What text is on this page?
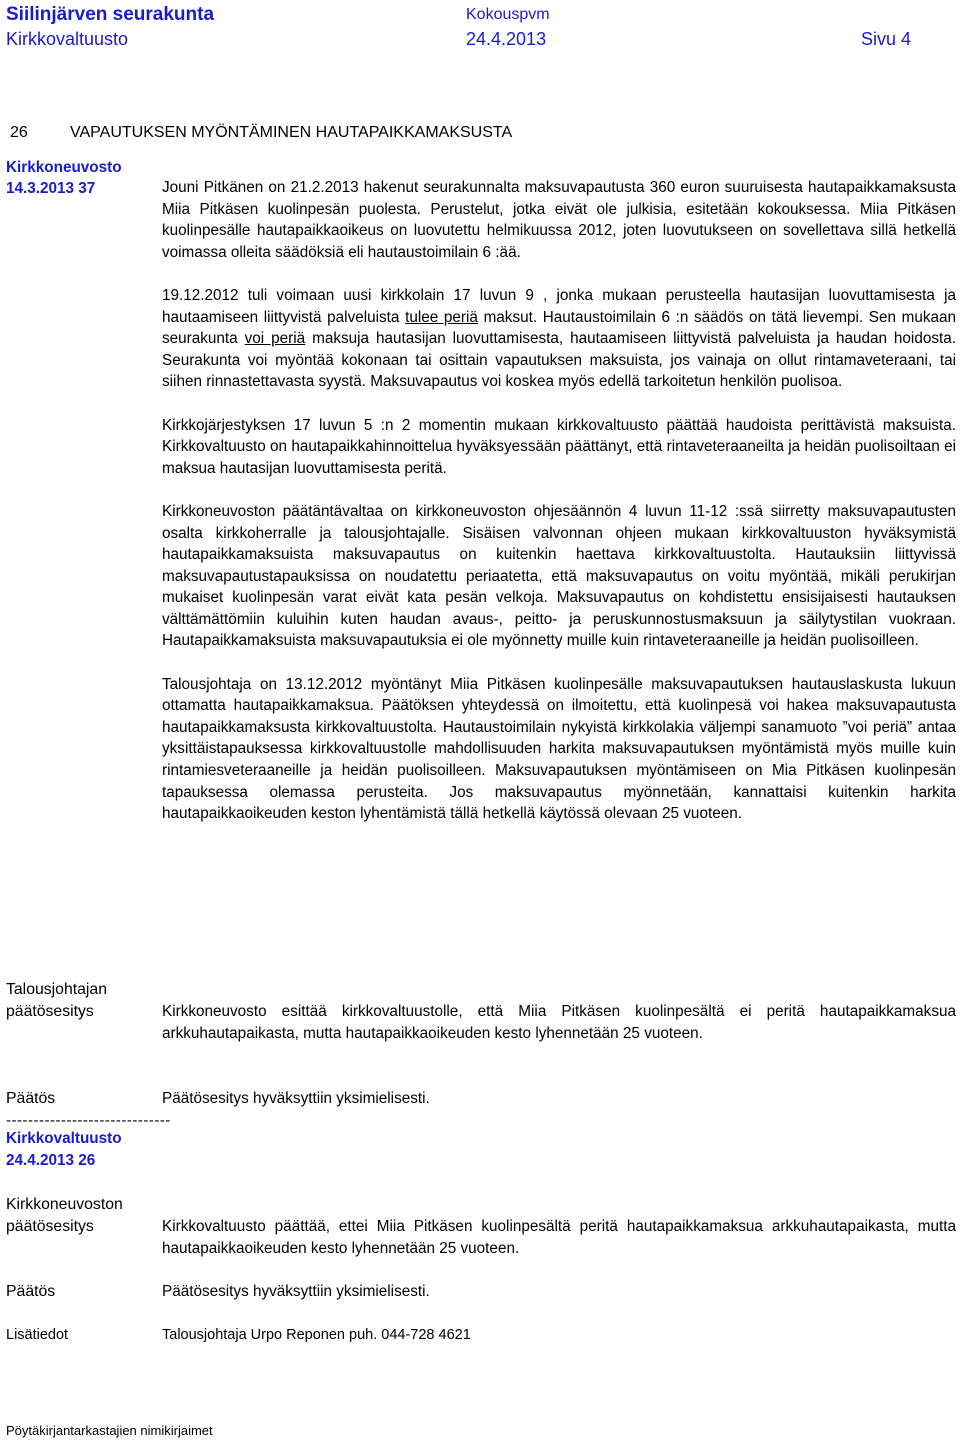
Siilinjärven seurakunta	Kokouspvm
Kirkkovaltuusto	24.4.2013	Sivu 4
26	VAPAUTUKSEN MYÖNTÄMINEN HAUTAPAIKKAMAKSUSTA
Kirkkoneuvosto
14.3.2013 37	Jouni Pitkänen on 21.2.2013 hakenut seurakunnalta maksuvapautusta 360 euron suuruisesta hautapaikkamaksusta Miia Pitkäsen kuolinpesän puolesta. Perustelut, jotka eivät ole julkisia, esitetään kokouksessa. Miia Pitkäsen kuolinpesälle hautapaikkaoikeus on luovutettu helmikuussa 2012, joten luovutukseen on sovellettava sillä hetkellä voimassa olleita säädöksiä eli hautaustoimilain 6 :ää.

19.12.2012 tuli voimaan uusi kirkkolain 17 luvun 9 , jonka mukaan perusteella hautasijan luovuttamisesta ja hautaamiseen liittyvistä palveluista tulee periä maksut. Hautaustoimilain 6 :n säädös on tätä lievempi. Sen mukaan seurakunta voi periä maksuja hautasijan luovuttamisesta, hautaamiseen liittyvistä palveluista ja haudan hoidosta. Seurakunta voi myöntää kokonaan tai osittain vapautuksen maksuista, jos vainaja on ollut rintamaveteraani, tai siihen rinnastettavasta syystä. Maksuvapautus voi koskea myös edellä tarkoitetun henkilön puolisoa.

Kirkkojärjestyksen 17 luvun 5 :n 2 momentin mukaan kirkkovaltuusto päättää haudoista perittävistä maksuista. Kirkkovaltuusto on hautapaikkahinnoittelua hyväksyessään päättänyt, että rintaveteraaneilta ja heidän puolisoiltaan ei maksua hautasijan luovuttamisesta peritä.

Kirkkoneuvoston päätäntävaltaa on kirkkoneuvoston ohjesäännön 4 luvun 11-12 :ssä siirretty maksuvapautusten osalta kirkkoherralle ja talousjohtajalle. Sisäisen valvonnan ohjeen mukaan kirkkovaltuuston hyväksymistä hautapaikkamaksuista maksuvapautus on kuitenkin haettava kirkkovaltuustolta. Hautauksiin liittyvissä maksuvapautustapauksissa on noudatettu periaatetta, että maksuvapautus on voitu myöntää, mikäli perukirjan mukaiset kuolinpesän varat eivät kata pesän velkoja. Maksuvapautus on kohdistettu ensisijaisesti hautauksen välttämättömiin kuluihin kuten haudan avaus-, peitto- ja peruskunnostusmaksuun ja säilytystilan vuokraan. Hautapaikkamaksuista maksuvapautuksia ei ole myönnetty muille kuin rintaveteraaneille ja heidän puolisoilleen.

Talousjohtaja on 13.12.2012 myöntänyt Miia Pitkäsen kuolinpesälle maksuvapautuksen hautauslaskusta lukuun ottamatta hautapaikkamaksua. Päätöksen yhteydessä on ilmoitettu, että kuolinpesä voi hakea maksuvapautusta hautapaikkamaksusta kirkkovaltuustolta. Hautaustoimilain nykyistä kirkkolakia väljempi sanamuoto ”voi periä” antaa yksittäistapauksessa kirkkovaltuustolle mahdollisuuden harkita maksuvapautuksen myöntämistä myös muille kuin rintamiesveteraaneille ja heidän puolisoilleen. Maksuvapautuksen myöntämiseen on Mia Pitkäsen kuolinpesän tapauksessa olemassa perusteita. Jos maksuvapautus myönnetään, kannattaisi kuitenkin harkita hautapaikkaoikeuden keston lyhentämistä tällä hetkellä käytössä olevaan 25 vuoteen.

Talousjohtajan
päätösesitys	Kirkkoneuvosto esittää kirkkovaltuustolle, että Miia Pitkäsen kuolinpesältä ei peritä hautapaikkamaksua arkkuhautapaikasta, mutta hautapaikkaoikeuden kesto lyhennetään 25 vuoteen.
Päätös	Päätösesitys hyväksyttiin yksimielisesti.
------------------------------
Kirkkovaltuusto
24.4.2013 26
Kirkkoneuvoston
päätösesitys	Kirkkovaltuusto päättää, ettei Miia Pitkäsen kuolinpesältä peritä hautapaikkamaksua arkkuhautapaikasta, mutta hautapaikkaoikeuden kesto lyhennetään 25 vuoteen.
Päätös	Päätösesitys hyväksyttiin yksimielisesti.
Lisätiedot	Talousjohtaja Urpo Reponen puh. 044-728 4621
Pöytäkirjantarkastajien nimikirjaimet
